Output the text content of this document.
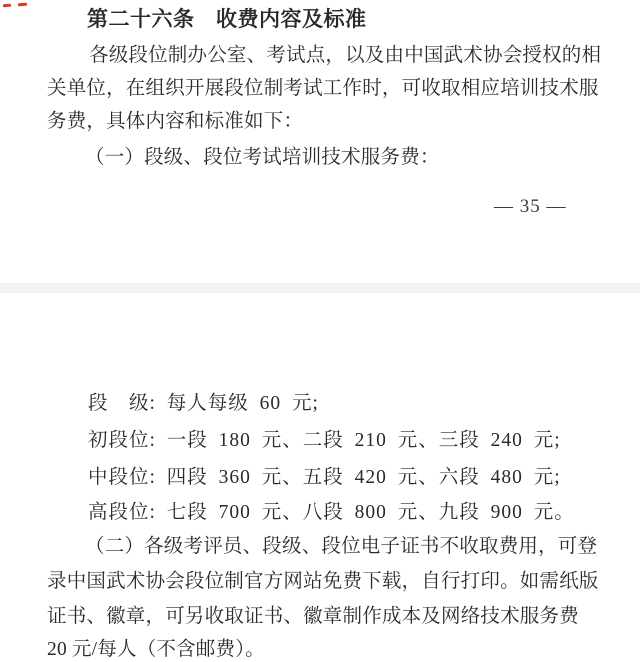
第二十六条　收费内容及标准
各级段位制办公室、考试点，以及由中国武术协会授权的相
关单位，在组织开展段位制考试工作时，可收取相应培训技术服
务费，具体内容和标准如下：
（一）段级、段位考试培训技术服务费：
— 35 —
段　级: 每人每级 60 元;
初段位: 一段 180 元、二段 210 元、三段 240 元;
中段位: 四段 360 元、五段 420 元、六段 480 元;
高段位: 七段 700 元、八段 800 元、九段 900 元。
（二）各级考评员、段级、段位电子证书不收取费用，可登
录中国武术协会段位制官方网站免费下载，自行打印。如需纸版
证书、徽章，可另收取证书、徽章制作成本及网络技术服务费
20 元/每人（不含邮费）。
